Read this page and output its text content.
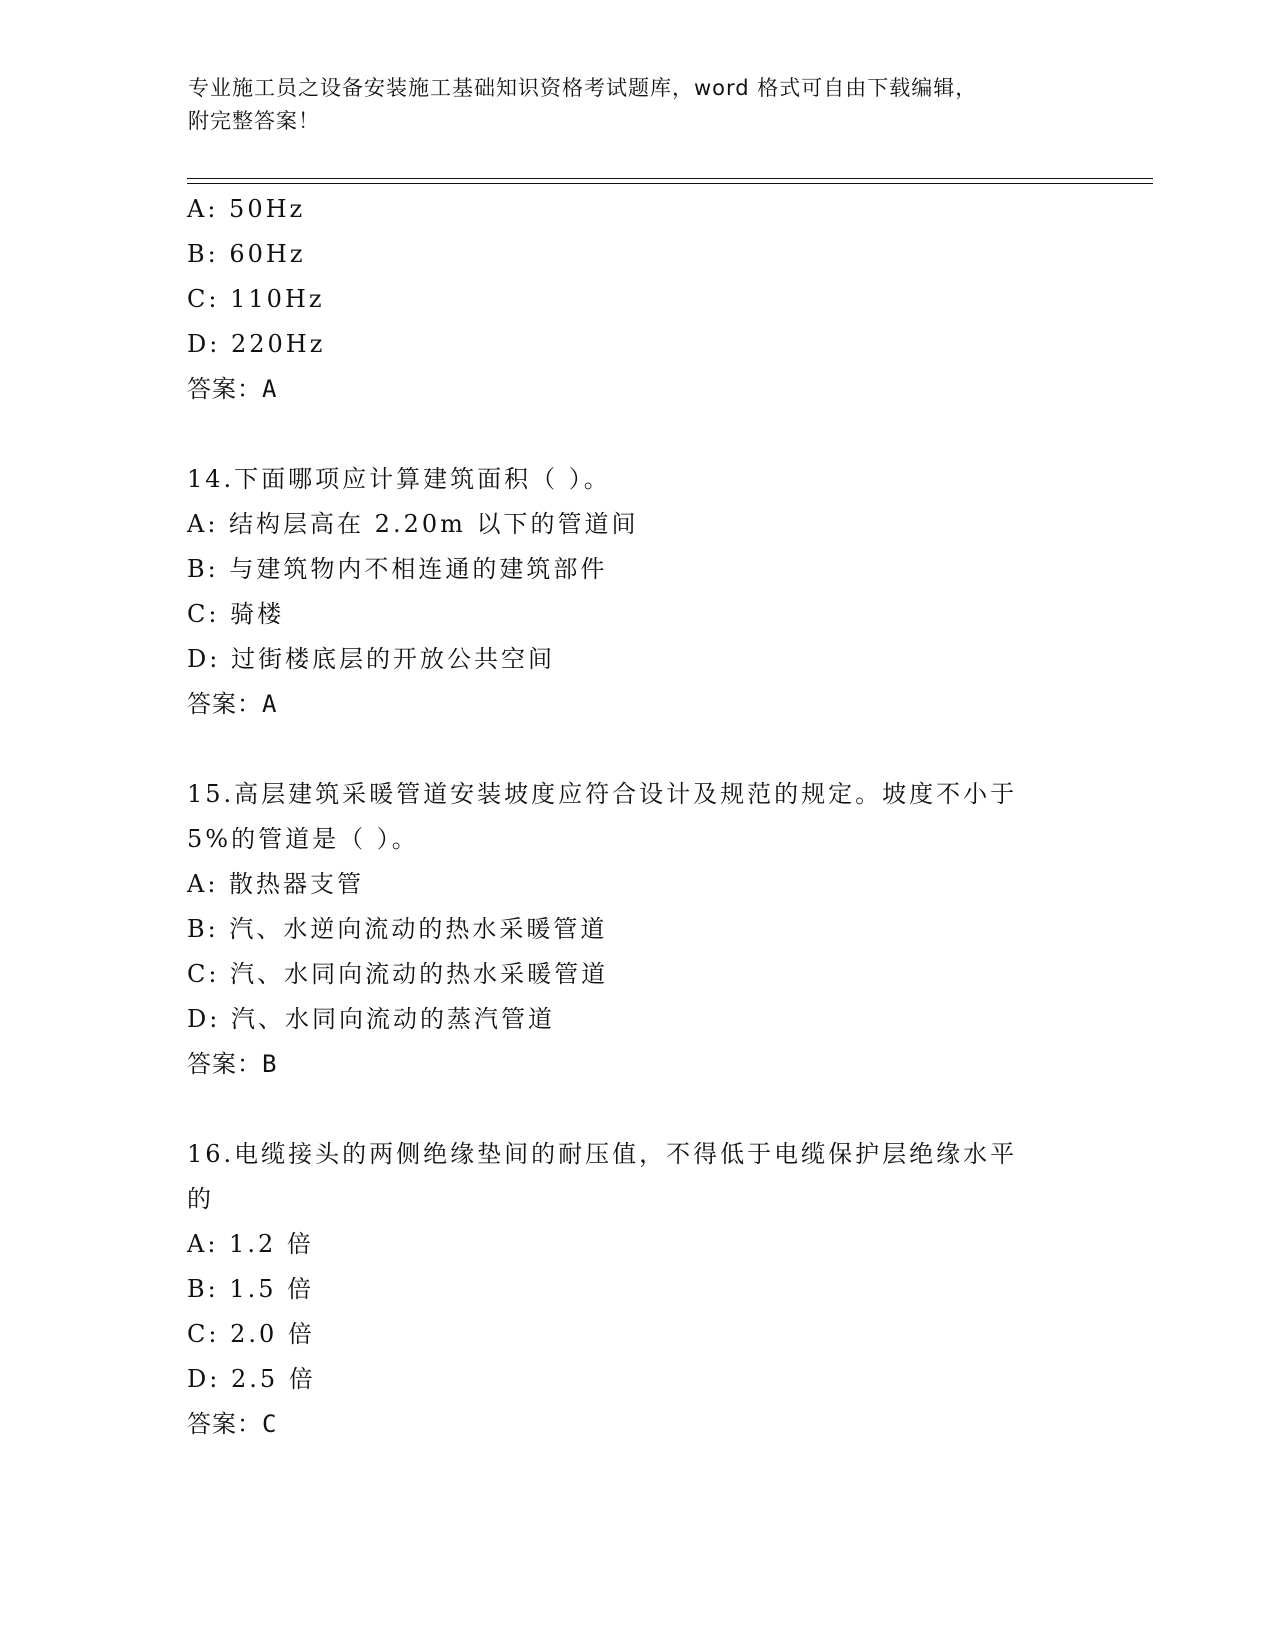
专业施工员之设备安装施工基础知识资格考试题库，word 格式可自由下载编辑，
附完整答案！
A: 50Hz
B: 60Hz
C: 110Hz
D: 220Hz
答案：A
14.下面哪项应计算建筑面积（ ）。
A: 结构层高在 2.20m 以下的管道间
B: 与建筑物内不相连通的建筑部件
C: 骑楼
D: 过街楼底层的开放公共空间
答案：A
15.高层建筑采暖管道安装坡度应符合设计及规范的规定。坡度不小于
5%的管道是（ ）。
A: 散热器支管
B: 汽、水逆向流动的热水采暖管道
C: 汽、水同向流动的热水采暖管道
D: 汽、水同向流动的蒸汽管道
答案：B
16.电缆接头的两侧绝缘垫间的耐压值，不得低于电缆保护层绝缘水平
的
A: 1.2 倍
B: 1.5 倍
C: 2.0 倍
D: 2.5 倍
答案：C
